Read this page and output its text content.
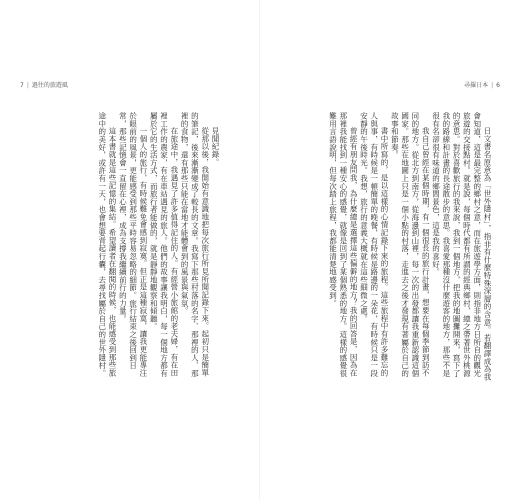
7 | 過往的旅遊風

見聞紀錄。

從那以後，我開始有意識地把每次旅行所見所聞記錄下來。起初只是簡單的筆記，後來漸漸變成了較長的文章。我寫下那些村落的名字、那裡的人、那裡的食物，還有那些只能在當地才能體會到的風景與氣氛。

在旅途中，我遇見了許多值得記住的人。有經營小旅館的老夫婦，有在田裡工作的農家，有在車站遇見的旅人。他們的故事讓我明白，每一個地方都有屬於它的生活方式，而旅行者能做的，就是靜靜地觀察和傾聽。

一個人的旅行，有時候難免會感到寂寞。但正是這種寂寞，讓我更能專注於眼前的風景，更能感受到那些平時容易忽略的細節。旅行結束之後回到日常，那些記憶會一直留在心裡，成為支撐我繼續前行的力量。

這本書就是這些記憶的集結。希望讀者在翻閱的時候，也能感受到那些旅途中的美好，或許有一天，也會想要背起行囊，去尋找屬於自己的世外隱村。

尋羅日本 | 6

日文書名原意為「世外隱村」，指非有什麼特殊深層的含意。若翻譯成為我會知道，這是最完整的鄉村之意，而在旅遊學方面，則指非地方日所自的觀光旅遊的交接點村。就是說，每個時代都有所謂的經典鄉村，總之帶著世外桃源的意思。對於喜歡旅行的我來說，我到一個地方，把我的地圖攤開來，寫下了我的路線和計畫的長途散步的意思。我喜愛那種沒什麼遊客的地方，那些不是很有名卻很有味道的鄉間景色，這是我的喜好。

我自己曾經在某個時期，有一個很長的旅行計畫，想要在每個季節到訪不同的地方。從北方到南方，從海邊到山裡，每一次的出發都讓我重新認識這個國家。那些在地圖上只是一個小點的村落，走進去之後才發現有著屬於自己的故事和節奏。

書中所寫的，是以這樣的心情記錄下來的旅程。這些旅程中有許多難忘的人與事，有時候是一頓簡單的晚餐，有時候是路邊的一朵花，有時候只是一段安靜的午後時光。我想，旅行的意義大概就在這些細微之處。

曾經有朋友問我，為什麼總是選擇這些偏僻的地方？我的回答是，因為在那裡我能找到一種安心的感覺，就像是回到了某個熟悉的地方。這樣的感覺很難用言語說明，但每次踏上旅程，我都能清楚地感受到。
